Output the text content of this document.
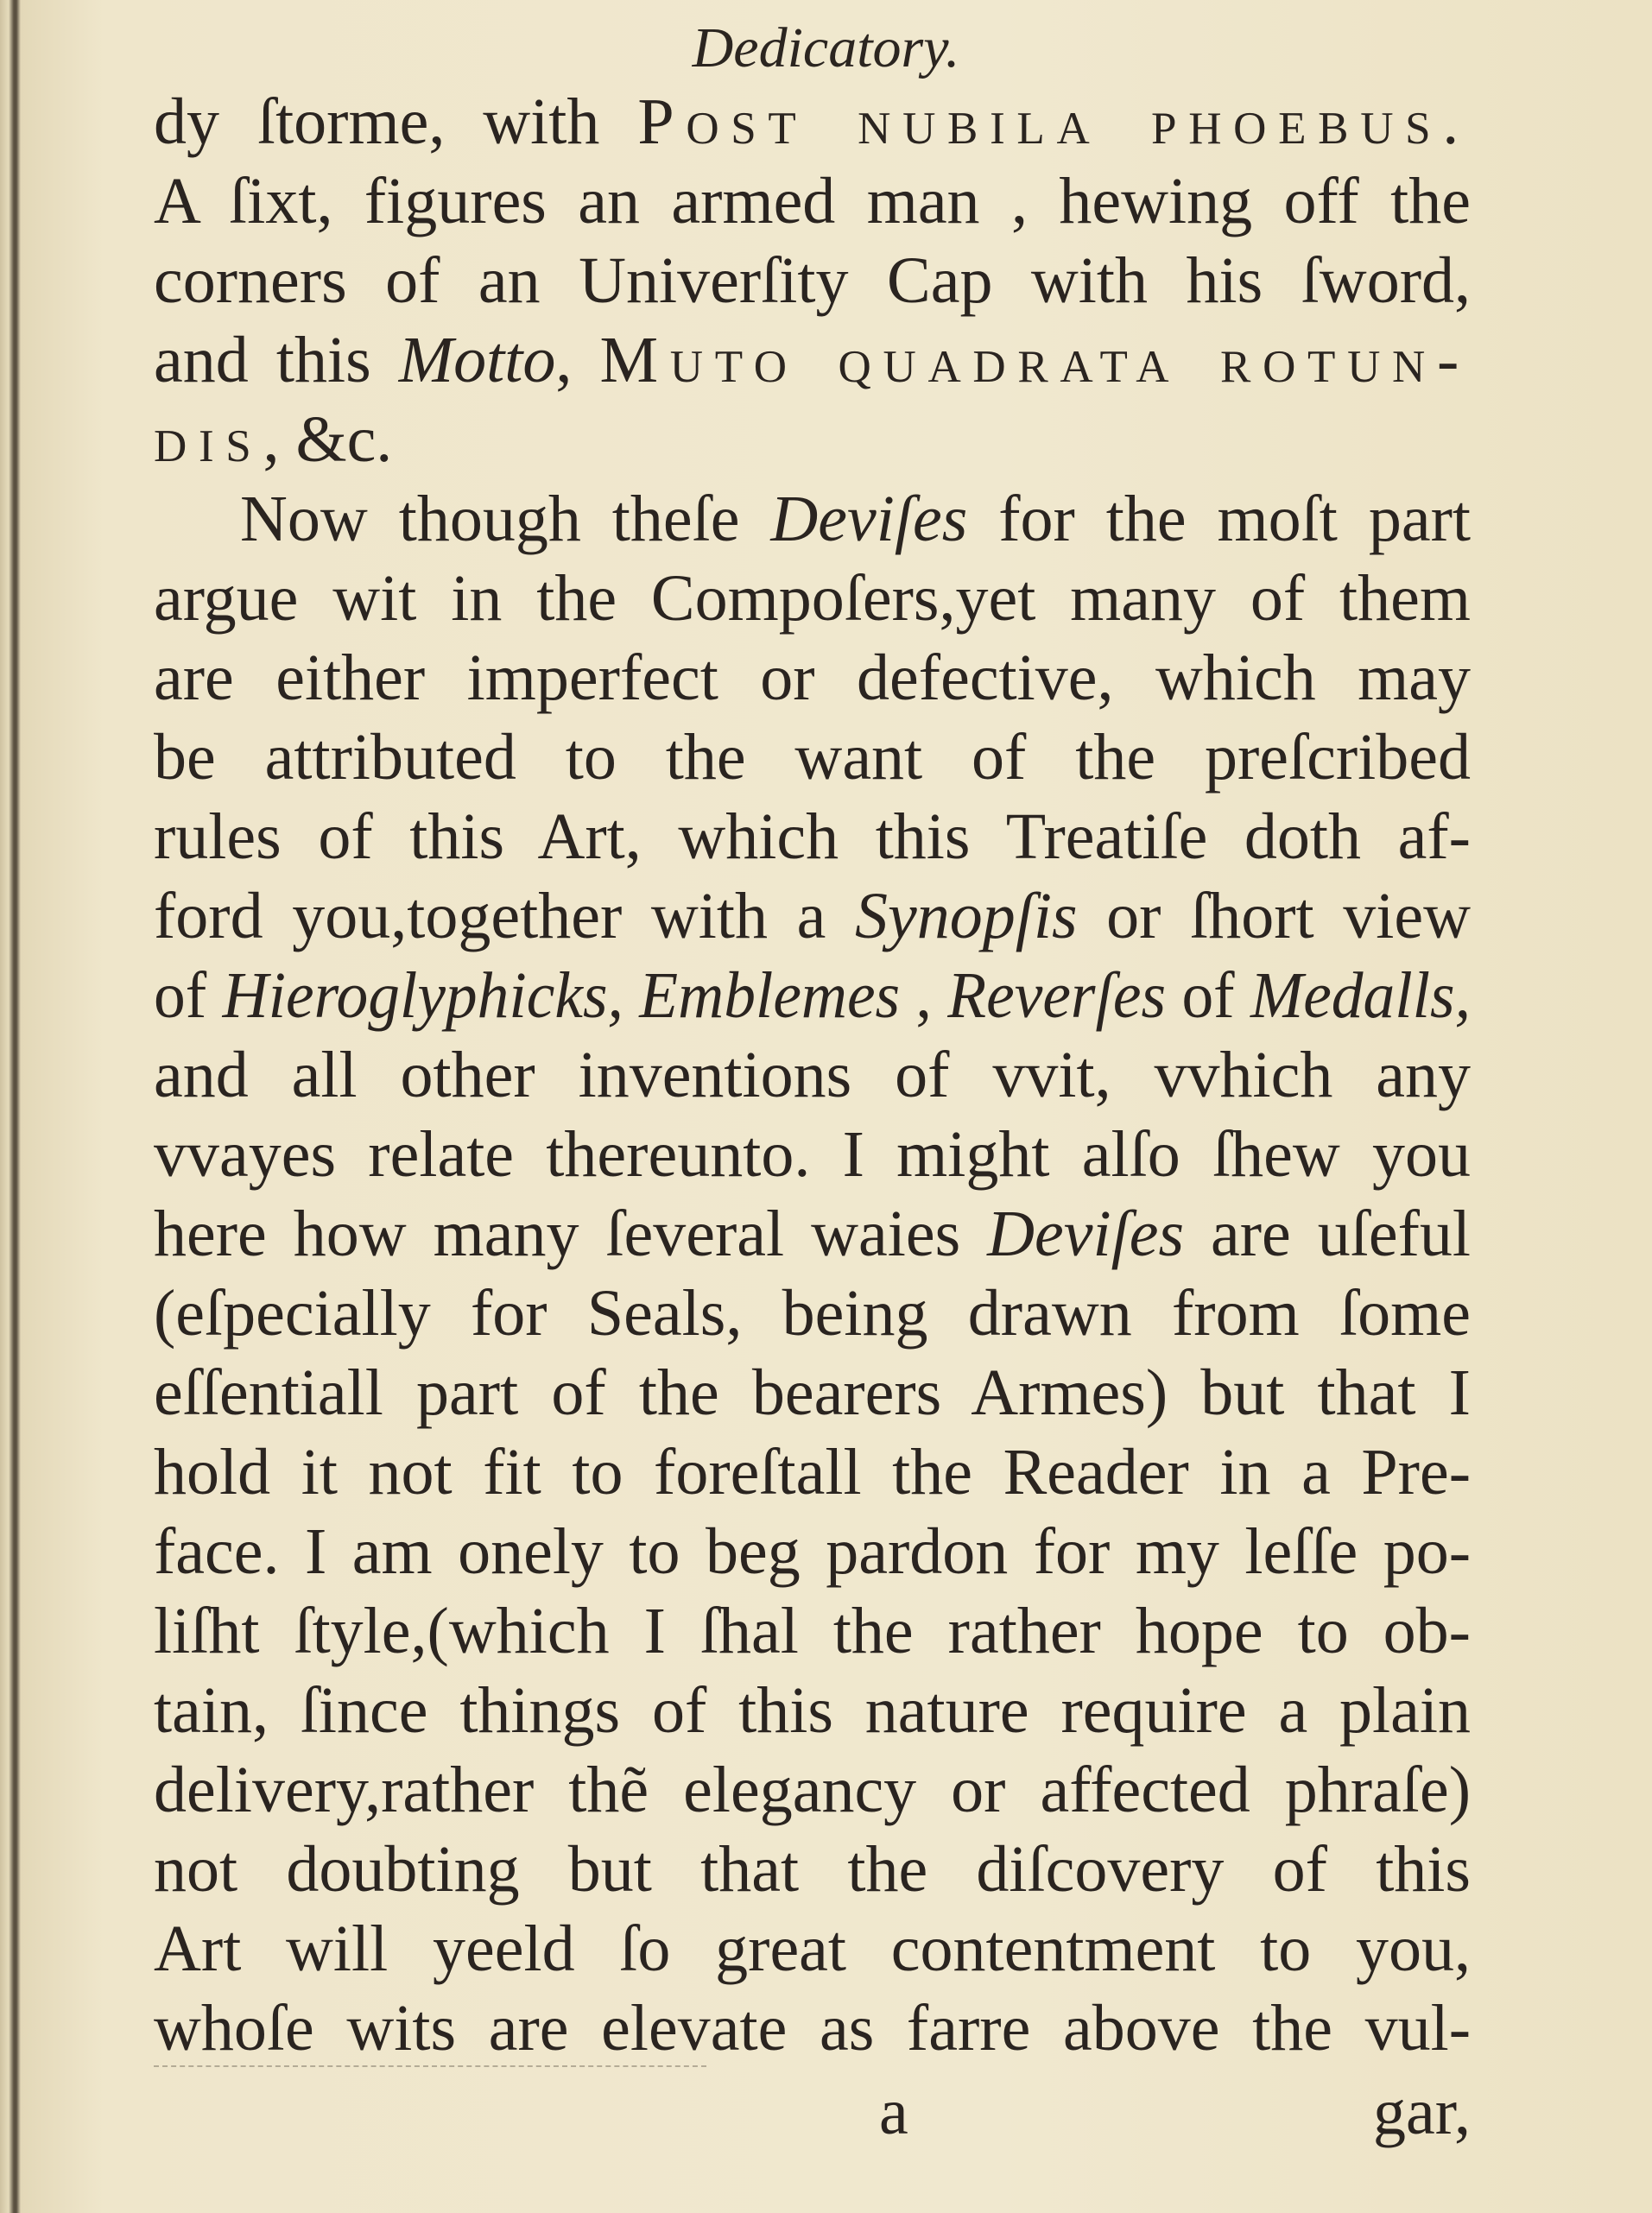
Dedicatory.
dy ſtorme, with Post nubila phoebus.
A ſixt, figures an armed man , hewing off the
corners of an Univerſity Cap with his ſword,
and this Motto, Muto quadrata rotun-
dis, &c.
Now though theſe Deviſes for the moſt part
argue wit in the Compoſers,yet many of them
are either imperfect or defective, which may
be attributed to the want of the preſcribed
rules of this Art, which this Treatiſe doth af-
ford you,together with a Synopſis or ſhort view
of Hieroglyphicks, Emblemes , Reverſes of Medalls,
and all other inventions of vvit, vvhich any
vvayes relate thereunto. I might alſo ſhew you
here how many ſeveral waies Deviſes are uſeful
(eſpecially for Seals, being drawn from ſome
eſſentiall part of the bearers Armes) but that I
hold it not fit to foreſtall the Reader in a Pre-
face. I am onely to beg pardon for my leſſe po-
liſht ſtyle,(which I ſhal the rather hope to ob-
tain, ſince things of this nature require a plain
delivery,rather thẽ elegancy or affected phraſe)
not doubting but that the diſcovery of this
Art will yeeld ſo great contentment to you,
whoſe wits are elevate as farre above the vul-
a	gar,
